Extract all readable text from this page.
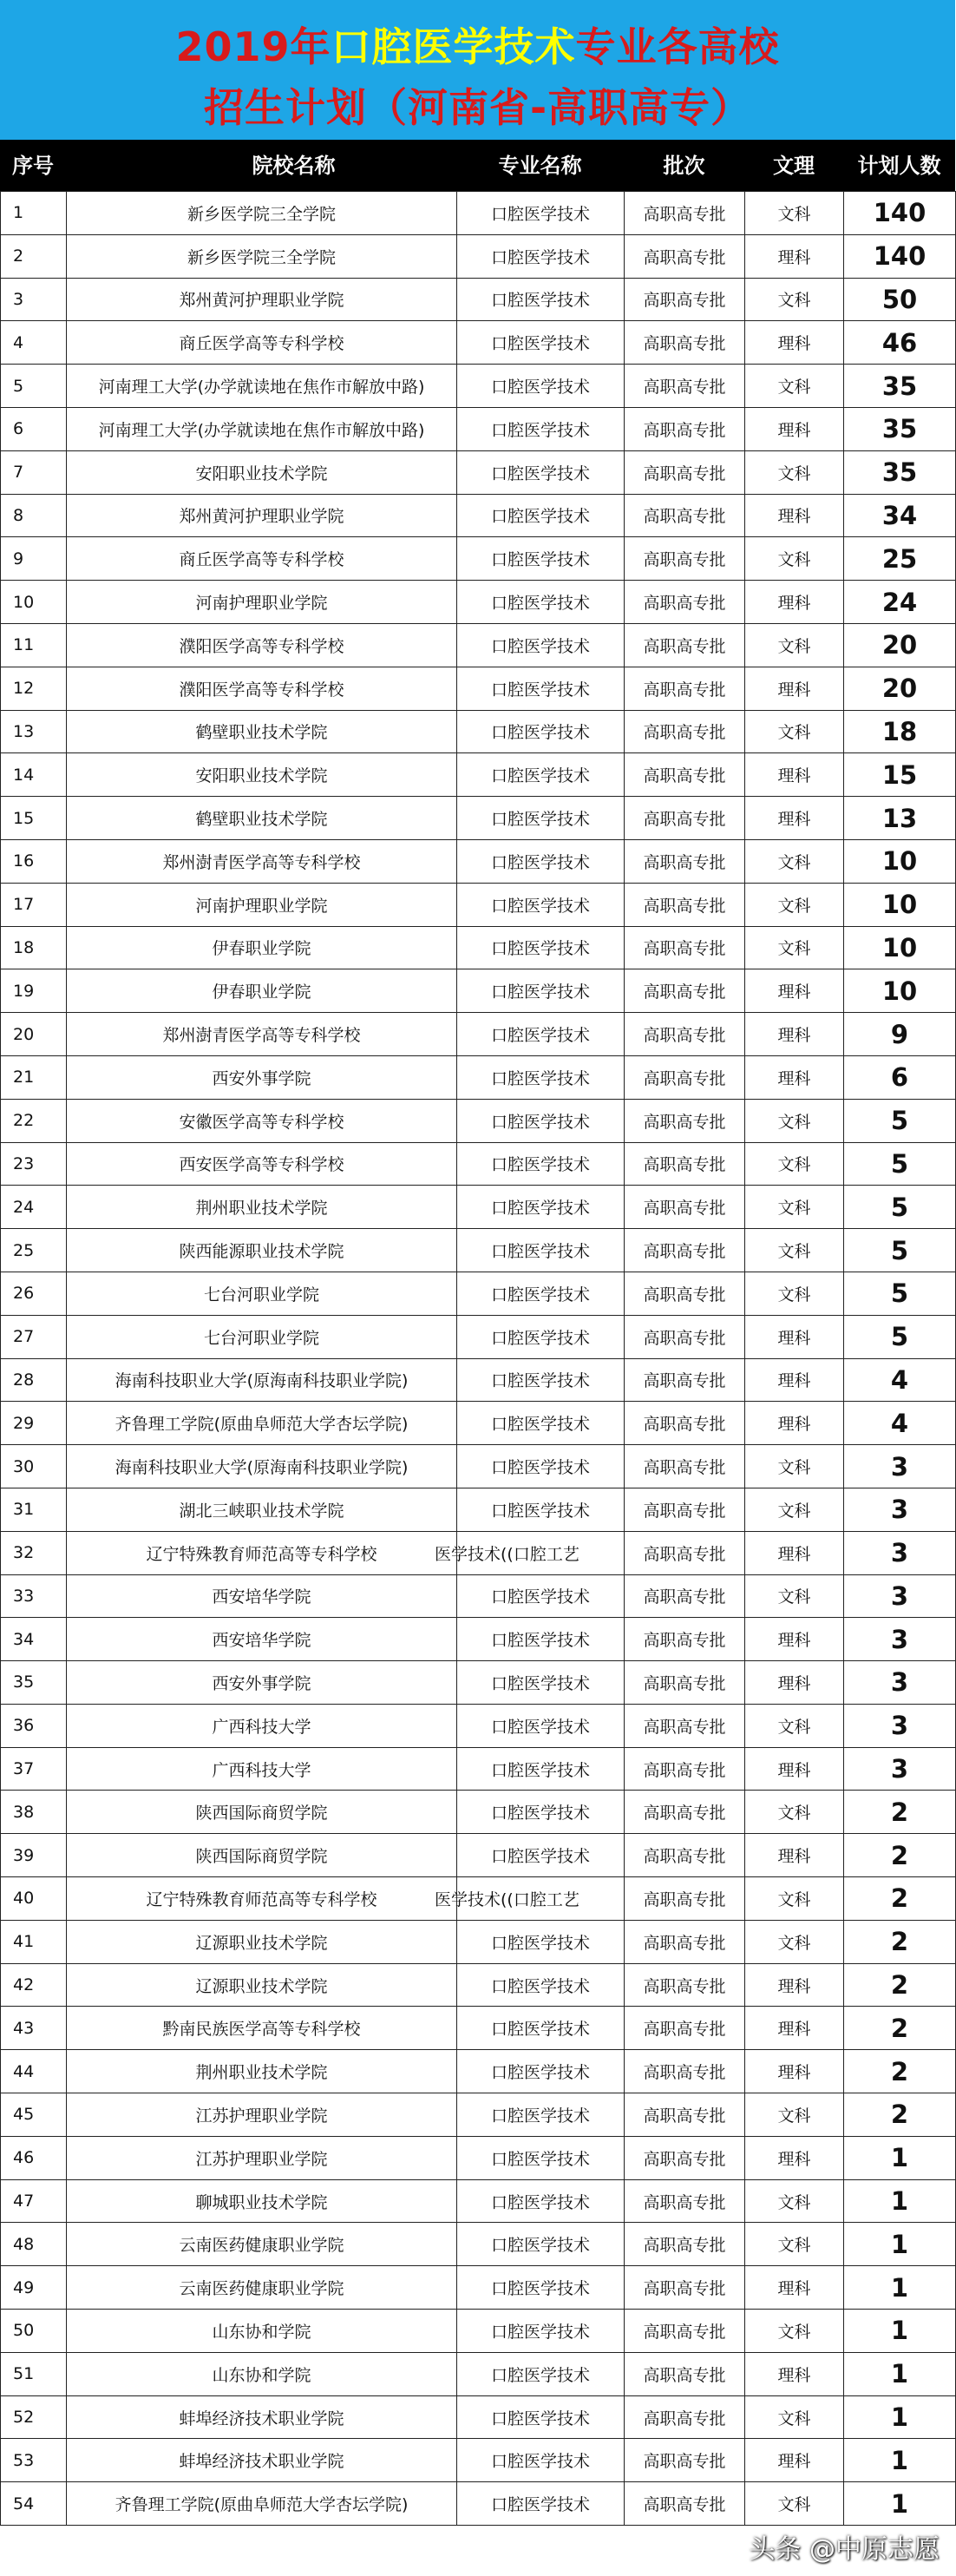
2019年口腔医学技术专业各高校
招生计划（河南省-高职高专）
序号	院校名称	专业名称	批次	文理	计划人数
1	新乡医学院三全学院	口腔医学技术	高职高专批	文科	140
2	新乡医学院三全学院	口腔医学技术	高职高专批	理科	140
3	郑州黄河护理职业学院	口腔医学技术	高职高专批	文科	50
4	商丘医学高等专科学校	口腔医学技术	高职高专批	理科	46
5	河南理工大学(办学就读地在焦作市解放中路)	口腔医学技术	高职高专批	文科	35
6	河南理工大学(办学就读地在焦作市解放中路)	口腔医学技术	高职高专批	理科	35
7	安阳职业技术学院	口腔医学技术	高职高专批	文科	35
8	郑州黄河护理职业学院	口腔医学技术	高职高专批	理科	34
9	商丘医学高等专科学校	口腔医学技术	高职高专批	文科	25
10	河南护理职业学院	口腔医学技术	高职高专批	理科	24
11	濮阳医学高等专科学校	口腔医学技术	高职高专批	文科	20
12	濮阳医学高等专科学校	口腔医学技术	高职高专批	理科	20
13	鹤壁职业技术学院	口腔医学技术	高职高专批	文科	18
14	安阳职业技术学院	口腔医学技术	高职高专批	理科	15
15	鹤壁职业技术学院	口腔医学技术	高职高专批	理科	13
16	郑州澍青医学高等专科学校	口腔医学技术	高职高专批	文科	10
17	河南护理职业学院	口腔医学技术	高职高专批	文科	10
18	伊春职业学院	口腔医学技术	高职高专批	文科	10
19	伊春职业学院	口腔医学技术	高职高专批	理科	10
20	郑州澍青医学高等专科学校	口腔医学技术	高职高专批	理科	9
21	西安外事学院	口腔医学技术	高职高专批	理科	6
22	安徽医学高等专科学校	口腔医学技术	高职高专批	文科	5
23	西安医学高等专科学校	口腔医学技术	高职高专批	文科	5
24	荆州职业技术学院	口腔医学技术	高职高专批	文科	5
25	陕西能源职业技术学院	口腔医学技术	高职高专批	文科	5
26	七台河职业学院	口腔医学技术	高职高专批	文科	5
27	七台河职业学院	口腔医学技术	高职高专批	理科	5
28	海南科技职业大学(原海南科技职业学院)	口腔医学技术	高职高专批	理科	4
29	齐鲁理工学院(原曲阜师范大学杏坛学院)	口腔医学技术	高职高专批	理科	4
30	海南科技职业大学(原海南科技职业学院)	口腔医学技术	高职高专批	文科	3
31	湖北三峡职业技术学院	口腔医学技术	高职高专批	文科	3
32	辽宁特殊教育师范高等专科学校	医学技术((口腔工艺	高职高专批	理科	3
33	西安培华学院	口腔医学技术	高职高专批	文科	3
34	西安培华学院	口腔医学技术	高职高专批	理科	3
35	西安外事学院	口腔医学技术	高职高专批	理科	3
36	广西科技大学	口腔医学技术	高职高专批	文科	3
37	广西科技大学	口腔医学技术	高职高专批	理科	3
38	陕西国际商贸学院	口腔医学技术	高职高专批	文科	2
39	陕西国际商贸学院	口腔医学技术	高职高专批	理科	2
40	辽宁特殊教育师范高等专科学校	医学技术((口腔工艺	高职高专批	文科	2
41	辽源职业技术学院	口腔医学技术	高职高专批	文科	2
42	辽源职业技术学院	口腔医学技术	高职高专批	理科	2
43	黔南民族医学高等专科学校	口腔医学技术	高职高专批	理科	2
44	荆州职业技术学院	口腔医学技术	高职高专批	理科	2
45	江苏护理职业学院	口腔医学技术	高职高专批	文科	2
46	江苏护理职业学院	口腔医学技术	高职高专批	理科	1
47	聊城职业技术学院	口腔医学技术	高职高专批	文科	1
48	云南医药健康职业学院	口腔医学技术	高职高专批	文科	1
49	云南医药健康职业学院	口腔医学技术	高职高专批	理科	1
50	山东协和学院	口腔医学技术	高职高专批	文科	1
51	山东协和学院	口腔医学技术	高职高专批	理科	1
52	蚌埠经济技术职业学院	口腔医学技术	高职高专批	文科	1
53	蚌埠经济技术职业学院	口腔医学技术	高职高专批	理科	1
54	齐鲁理工学院(原曲阜师范大学杏坛学院)	口腔医学技术	高职高专批	文科	1
头条 @中原志愿
